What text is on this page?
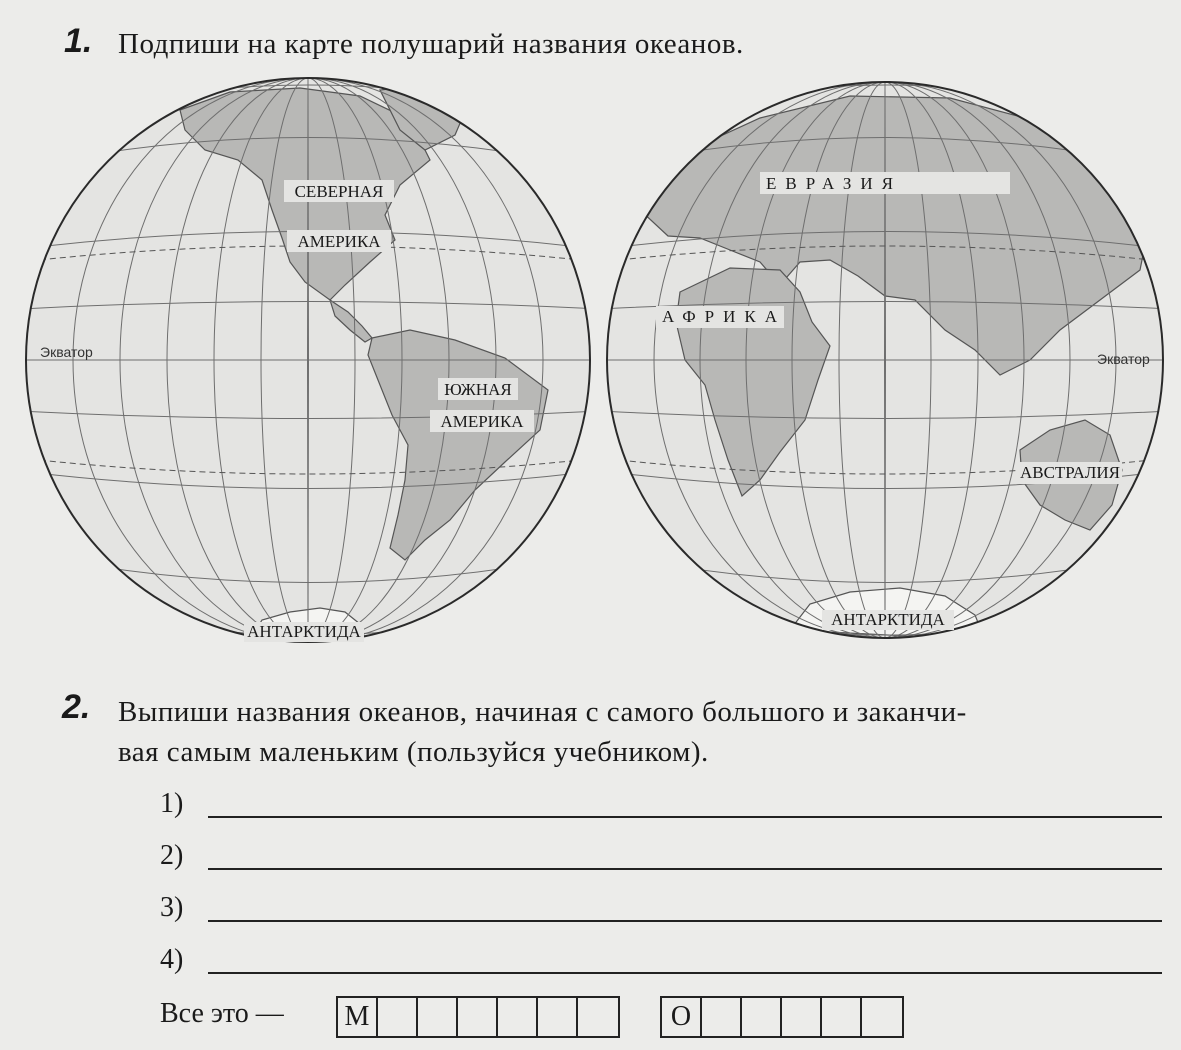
1. Подпиши на карте полушарий названия океанов.
СЕВЕРНАЯ
АМЕРИКА
ЮЖНАЯ
АМЕРИКА
АНТАРКТИДА
Экватор
ЕВРАЗИЯ
АФРИКА
АВСТРАЛИЯ
АНТАРКТИДА
Экватор
2. Выпиши названия океанов, начиная с самого большого и заканчи-
вая самым маленьким (пользуйся учебником).
1)
2)
3)
4)
Все это — М	О
